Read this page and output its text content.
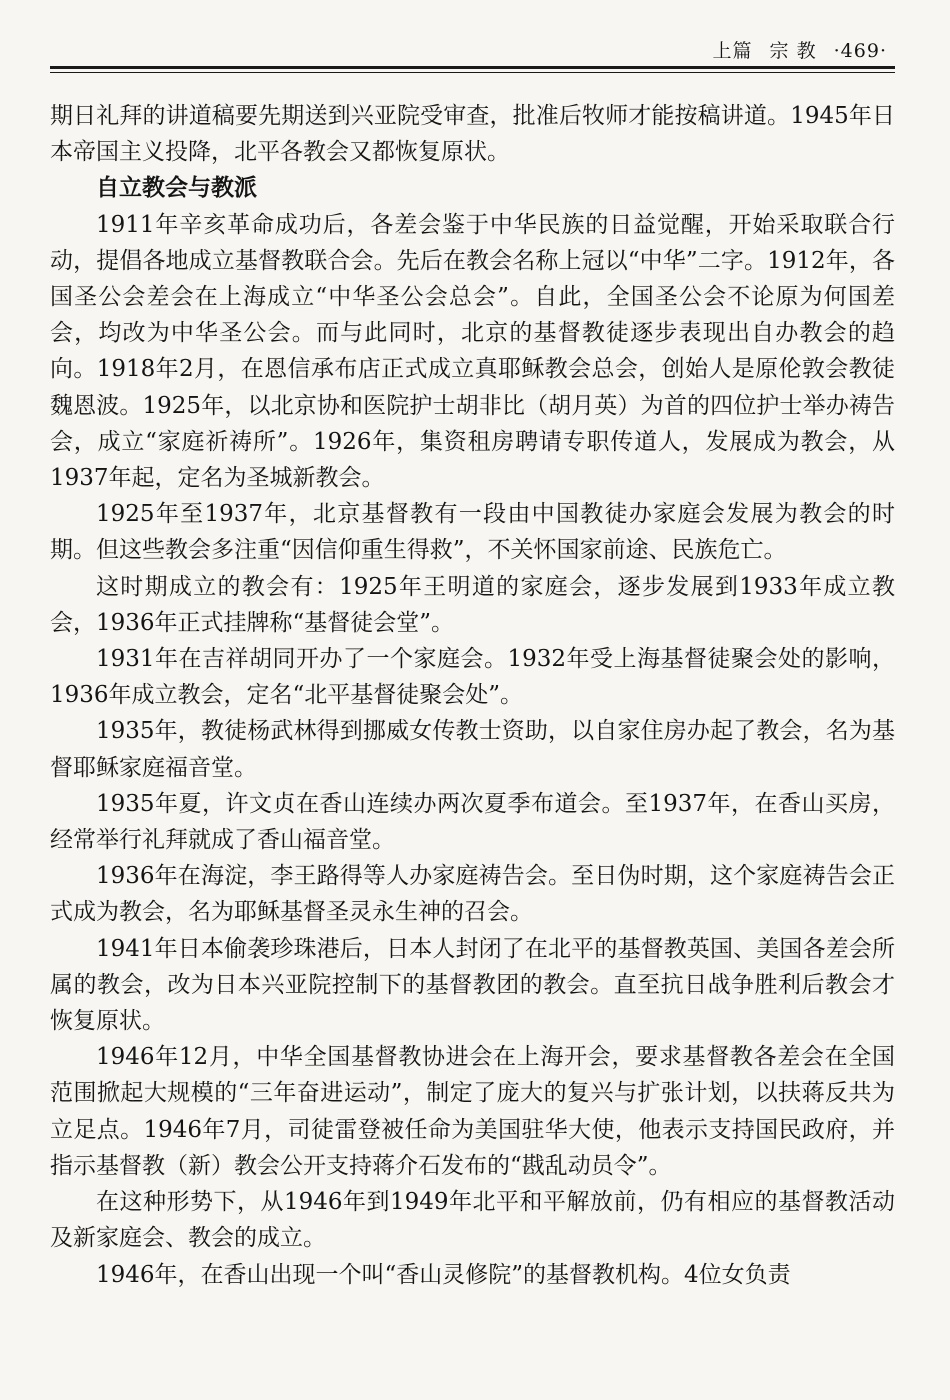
上篇 宗 教 ·469·

期日礼拜的讲道稿要先期送到兴亚院受审查，批准后牧师才能按稿讲道。1945年日本帝国主义投降，北平各教会又都恢复原状。

自立教会与教派

1911年辛亥革命成功后，各差会鉴于中华民族的日益觉醒，开始采取联合行动，提倡各地成立基督教联合会。先后在教会名称上冠以“中华”二字。1912年，各国圣公会差会在上海成立“中华圣公会总会”。自此，全国圣公会不论原为何国差会，均改为中华圣公会。而与此同时，北京的基督教徒逐步表现出自办教会的趋向。1918年2月，在恩信承布店正式成立真耶稣教会总会，创始人是原伦敦会教徒魏恩波。1925年，以北京协和医院护士胡非比（胡月英）为首的四位护士举办祷告会，成立“家庭祈祷所”。1926年，集资租房聘请专职传道人，发展成为教会，从1937年起，定名为圣城新教会。

1925年至1937年，北京基督教有一段由中国教徒办家庭会发展为教会的时期。但这些教会多注重“因信仰重生得救”，不关怀国家前途、民族危亡。

这时期成立的教会有：1925年王明道的家庭会，逐步发展到1933年成立教会，1936年正式挂牌称“基督徒会堂”。

1931年在吉祥胡同开办了一个家庭会。1932年受上海基督徒聚会处的影响，1936年成立教会，定名“北平基督徒聚会处”。

1935年，教徒杨武林得到挪威女传教士资助，以自家住房办起了教会，名为基督耶稣家庭福音堂。

1935年夏，许文贞在香山连续办两次夏季布道会。至1937年，在香山买房，经常举行礼拜就成了香山福音堂。

1936年在海淀，李王路得等人办家庭祷告会。至日伪时期，这个家庭祷告会正式成为教会，名为耶稣基督圣灵永生神的召会。

1941年日本偷袭珍珠港后，日本人封闭了在北平的基督教英国、美国各差会所属的教会，改为日本兴亚院控制下的基督教团的教会。直至抗日战争胜利后教会才恢复原状。

1946年12月，中华全国基督教协进会在上海开会，要求基督教各差会在全国范围掀起大规模的“三年奋进运动”，制定了庞大的复兴与扩张计划，以扶蒋反共为立足点。1946年7月，司徒雷登被任命为美国驻华大使，他表示支持国民政府，并指示基督教（新）教会公开支持蒋介石发布的“戡乱动员令”。

在这种形势下，从1946年到1949年北平和平解放前，仍有相应的基督教活动及新家庭会、教会的成立。

1946年，在香山出现一个叫“香山灵修院”的基督教机构。4位女负责
